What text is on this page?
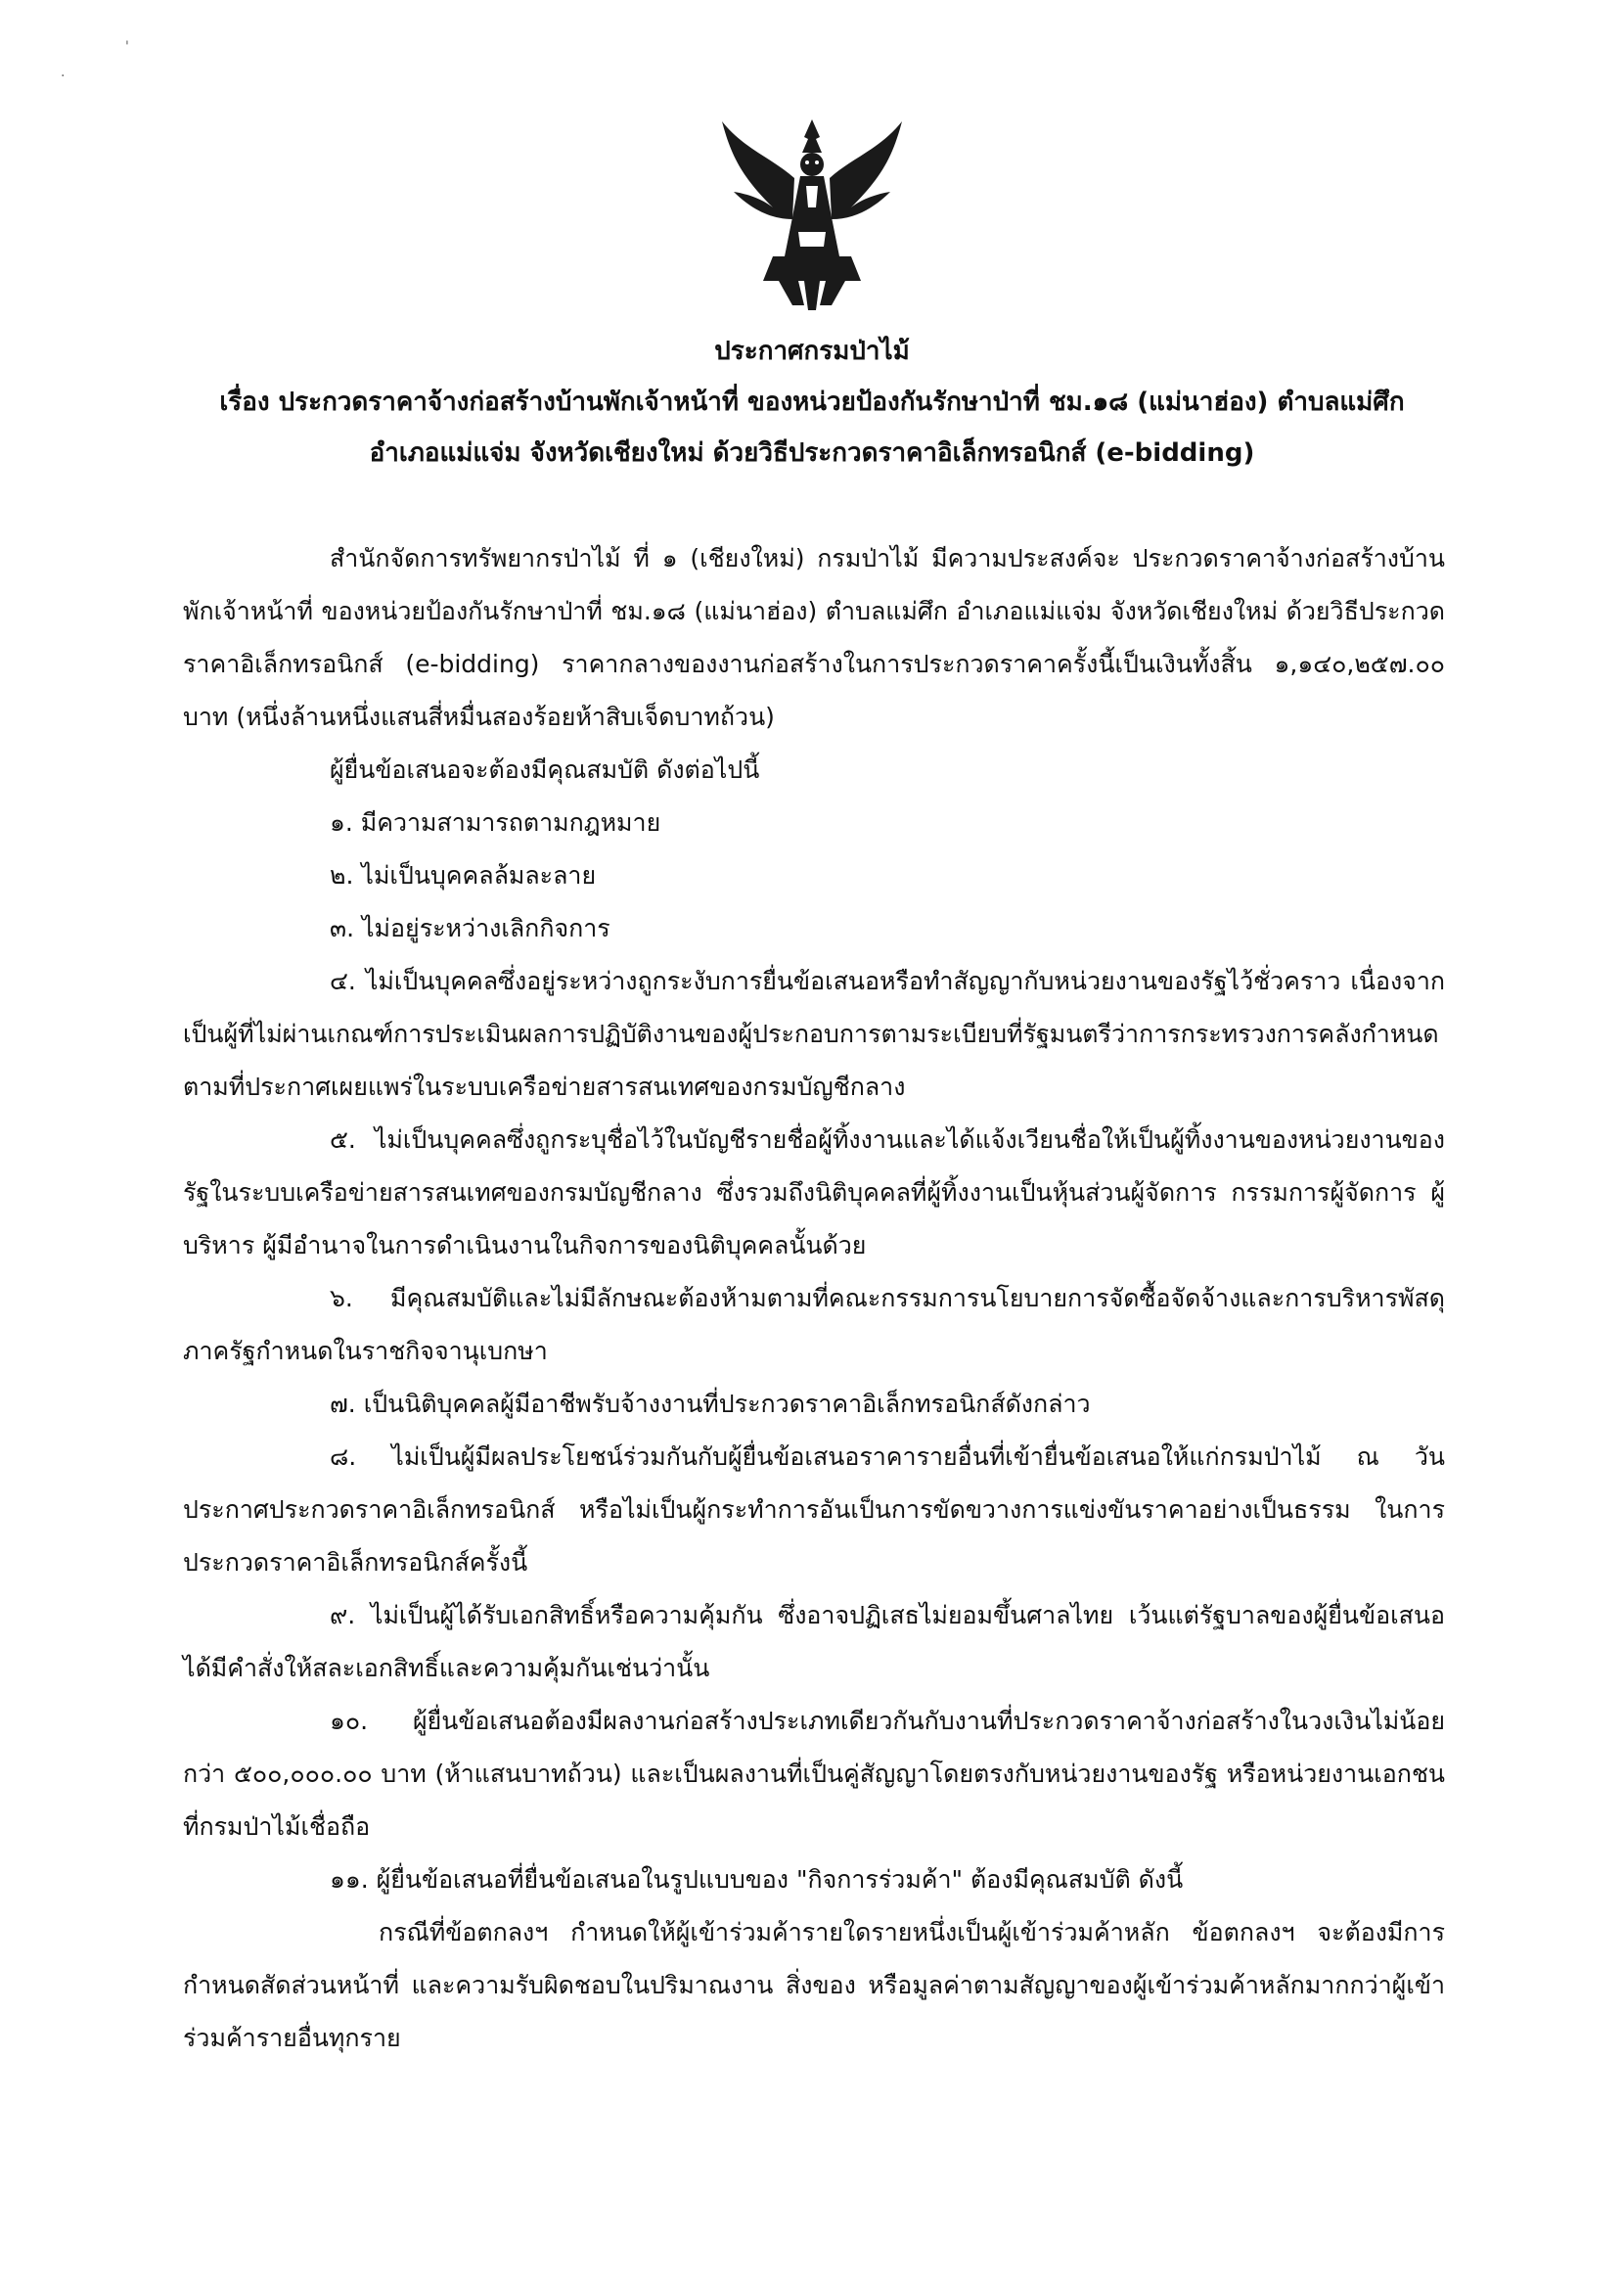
·
'
ประกาศกรมป่าไม้
เรื่อง ประกวดราคาจ้างก่อสร้างบ้านพักเจ้าหน้าที่ ของหน่วยป้องกันรักษาป่าที่ ชม.๑๘ (แม่นาฮ่อง) ตำบลแม่ศึก
อำเภอแม่แจ่ม จังหวัดเชียงใหม่ ด้วยวิธีประกวดราคาอิเล็กทรอนิกส์ (e-bidding)

สำนักจัดการทรัพยากรป่าไม้ ที่ ๑ (เชียงใหม่) กรมป่าไม้ มีความประสงค์จะ ประกวดราคาจ้างก่อสร้างบ้านพักเจ้าหน้าที่ ของหน่วยป้องกันรักษาป่าที่ ชม.๑๘ (แม่นาฮ่อง) ตำบลแม่ศึก อำเภอแม่แจ่ม จังหวัดเชียงใหม่ ด้วยวิธีประกวดราคาอิเล็กทรอนิกส์ (e-bidding) ราคากลางของงานก่อสร้างในการประกวดราคาครั้งนี้เป็นเงินทั้งสิ้น ๑,๑๔๐,๒๕๗.๐๐ บาท (หนึ่งล้านหนึ่งแสนสี่หมื่นสองร้อยห้าสิบเจ็ดบาทถ้วน)

ผู้ยื่นข้อเสนอจะต้องมีคุณสมบัติ ดังต่อไปนี้

๑. มีความสามารถตามกฎหมาย

๒. ไม่เป็นบุคคลล้มละลาย

๓. ไม่อยู่ระหว่างเลิกกิจการ

๔. ไม่เป็นบุคคลซึ่งอยู่ระหว่างถูกระงับการยื่นข้อเสนอหรือทำสัญญากับหน่วยงานของรัฐไว้ชั่วคราว เนื่องจากเป็นผู้ที่ไม่ผ่านเกณฑ์การประเมินผลการปฏิบัติงานของผู้ประกอบการตามระเบียบที่รัฐมนตรีว่าการกระทรวงการคลังกำหนดตามที่ประกาศเผยแพร่ในระบบเครือข่ายสารสนเทศของกรมบัญชีกลาง

๕. ไม่เป็นบุคคลซึ่งถูกระบุชื่อไว้ในบัญชีรายชื่อผู้ทิ้งงานและได้แจ้งเวียนชื่อให้เป็นผู้ทิ้งงานของหน่วยงานของรัฐในระบบเครือข่ายสารสนเทศของกรมบัญชีกลาง ซึ่งรวมถึงนิติบุคคลที่ผู้ทิ้งงานเป็นหุ้นส่วนผู้จัดการ กรรมการผู้จัดการ ผู้บริหาร ผู้มีอำนาจในการดำเนินงานในกิจการของนิติบุคคลนั้นด้วย

๖. มีคุณสมบัติและไม่มีลักษณะต้องห้ามตามที่คณะกรรมการนโยบายการจัดซื้อจัดจ้างและการบริหารพัสดุภาครัฐกำหนดในราชกิจจานุเบกษา

๗. เป็นนิติบุคคลผู้มีอาชีพรับจ้างงานที่ประกวดราคาอิเล็กทรอนิกส์ดังกล่าว

๘. ไม่เป็นผู้มีผลประโยชน์ร่วมกันกับผู้ยื่นข้อเสนอราคารายอื่นที่เข้ายื่นข้อเสนอให้แก่กรมป่าไม้ ณ วันประกาศประกวดราคาอิเล็กทรอนิกส์ หรือไม่เป็นผู้กระทำการอันเป็นการขัดขวางการแข่งขันราคาอย่างเป็นธรรม ในการประกวดราคาอิเล็กทรอนิกส์ครั้งนี้

๙. ไม่เป็นผู้ได้รับเอกสิทธิ์หรือความคุ้มกัน ซึ่งอาจปฏิเสธไม่ยอมขึ้นศาลไทย เว้นแต่รัฐบาลของผู้ยื่นข้อเสนอได้มีคำสั่งให้สละเอกสิทธิ์และความคุ้มกันเช่นว่านั้น

๑๐. ผู้ยื่นข้อเสนอต้องมีผลงานก่อสร้างประเภทเดียวกันกับงานที่ประกวดราคาจ้างก่อสร้างในวงเงินไม่น้อยกว่า ๕๐๐,๐๐๐.๐๐ บาท (ห้าแสนบาทถ้วน) และเป็นผลงานที่เป็นคู่สัญญาโดยตรงกับหน่วยงานของรัฐ หรือหน่วยงานเอกชนที่กรมป่าไม้เชื่อถือ

๑๑. ผู้ยื่นข้อเสนอที่ยื่นข้อเสนอในรูปแบบของ "กิจการร่วมค้า" ต้องมีคุณสมบัติ ดังนี้

กรณีที่ข้อตกลงฯ กำหนดให้ผู้เข้าร่วมค้ารายใดรายหนึ่งเป็นผู้เข้าร่วมค้าหลัก ข้อตกลงฯ จะต้องมีการกำหนดสัดส่วนหน้าที่ และความรับผิดชอบในปริมาณงาน สิ่งของ หรือมูลค่าตามสัญญาของผู้เข้าร่วมค้าหลักมากกว่าผู้เข้าร่วมค้ารายอื่นทุกราย
